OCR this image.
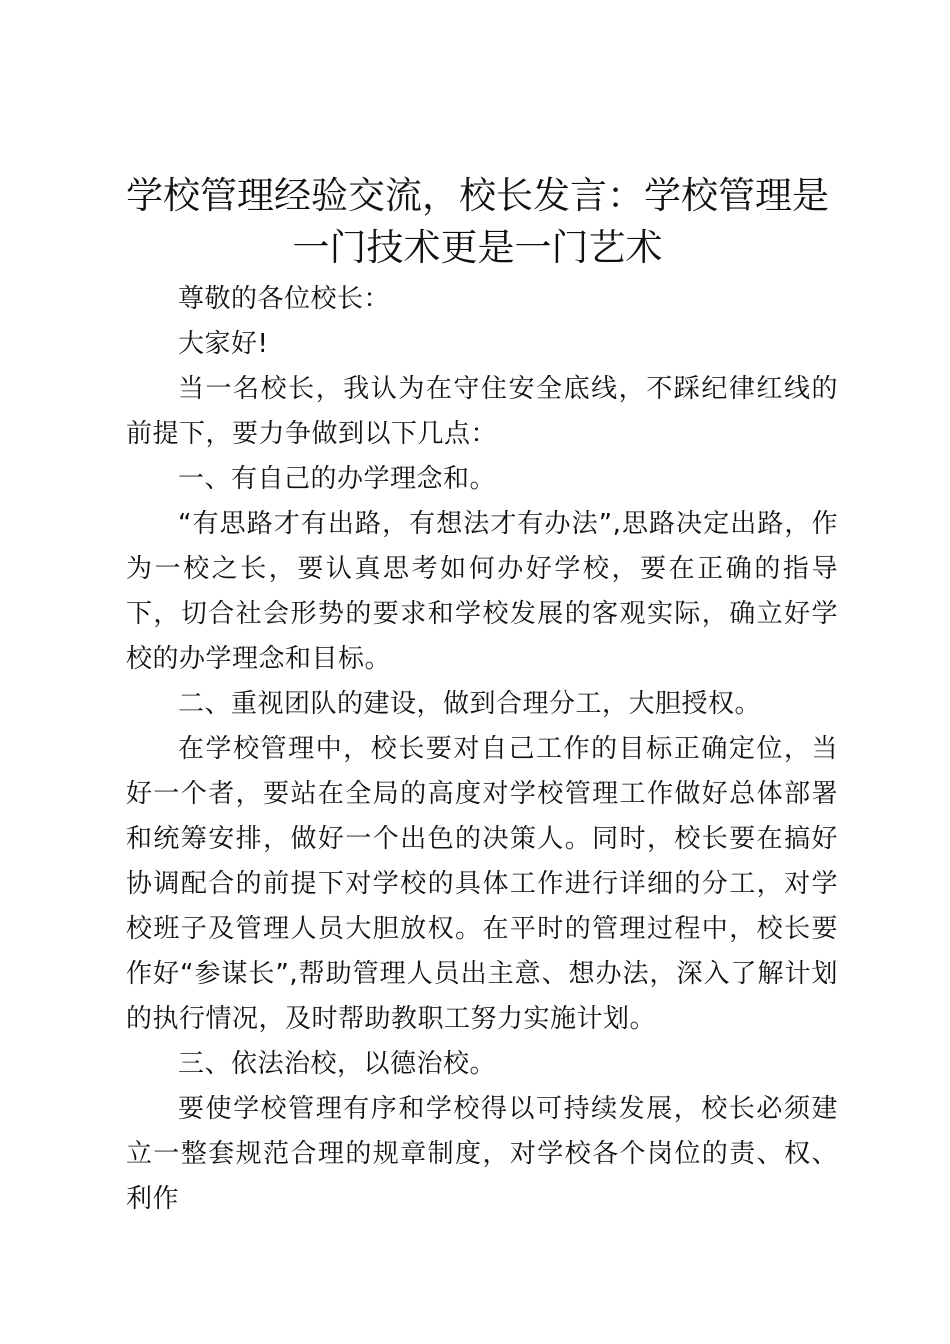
学校管理经验交流，校长发言：学校管理是一门技术更是一门艺术

尊敬的各位校长：

大家好!

当一名校长，我认为在守住安全底线，不踩纪律红线的前提下，要力争做到以下几点：

一、有自己的办学理念和。

“有思路才有出路，有想法才有办法”,思路决定出路，作为一校之长，要认真思考如何办好学校，要在正确的指导下，切合社会形势的要求和学校发展的客观实际，确立好学校的办学理念和目标。

二、重视团队的建设，做到合理分工，大胆授权。

在学校管理中，校长要对自己工作的目标正确定位，当好一个者，要站在全局的高度对学校管理工作做好总体部署和统筹安排，做好一个出色的决策人。同时，校长要在搞好协调配合的前提下对学校的具体工作进行详细的分工，对学校班子及管理人员大胆放权。在平时的管理过程中，校长要作好“参谋长”,帮助管理人员出主意、想办法，深入了解计划的执行情况，及时帮助教职工努力实施计划。

三、依法治校，以德治校。

要使学校管理有序和学校得以可持续发展，校长必须建立一整套规范合理的规章制度，对学校各个岗位的责、权、利作
